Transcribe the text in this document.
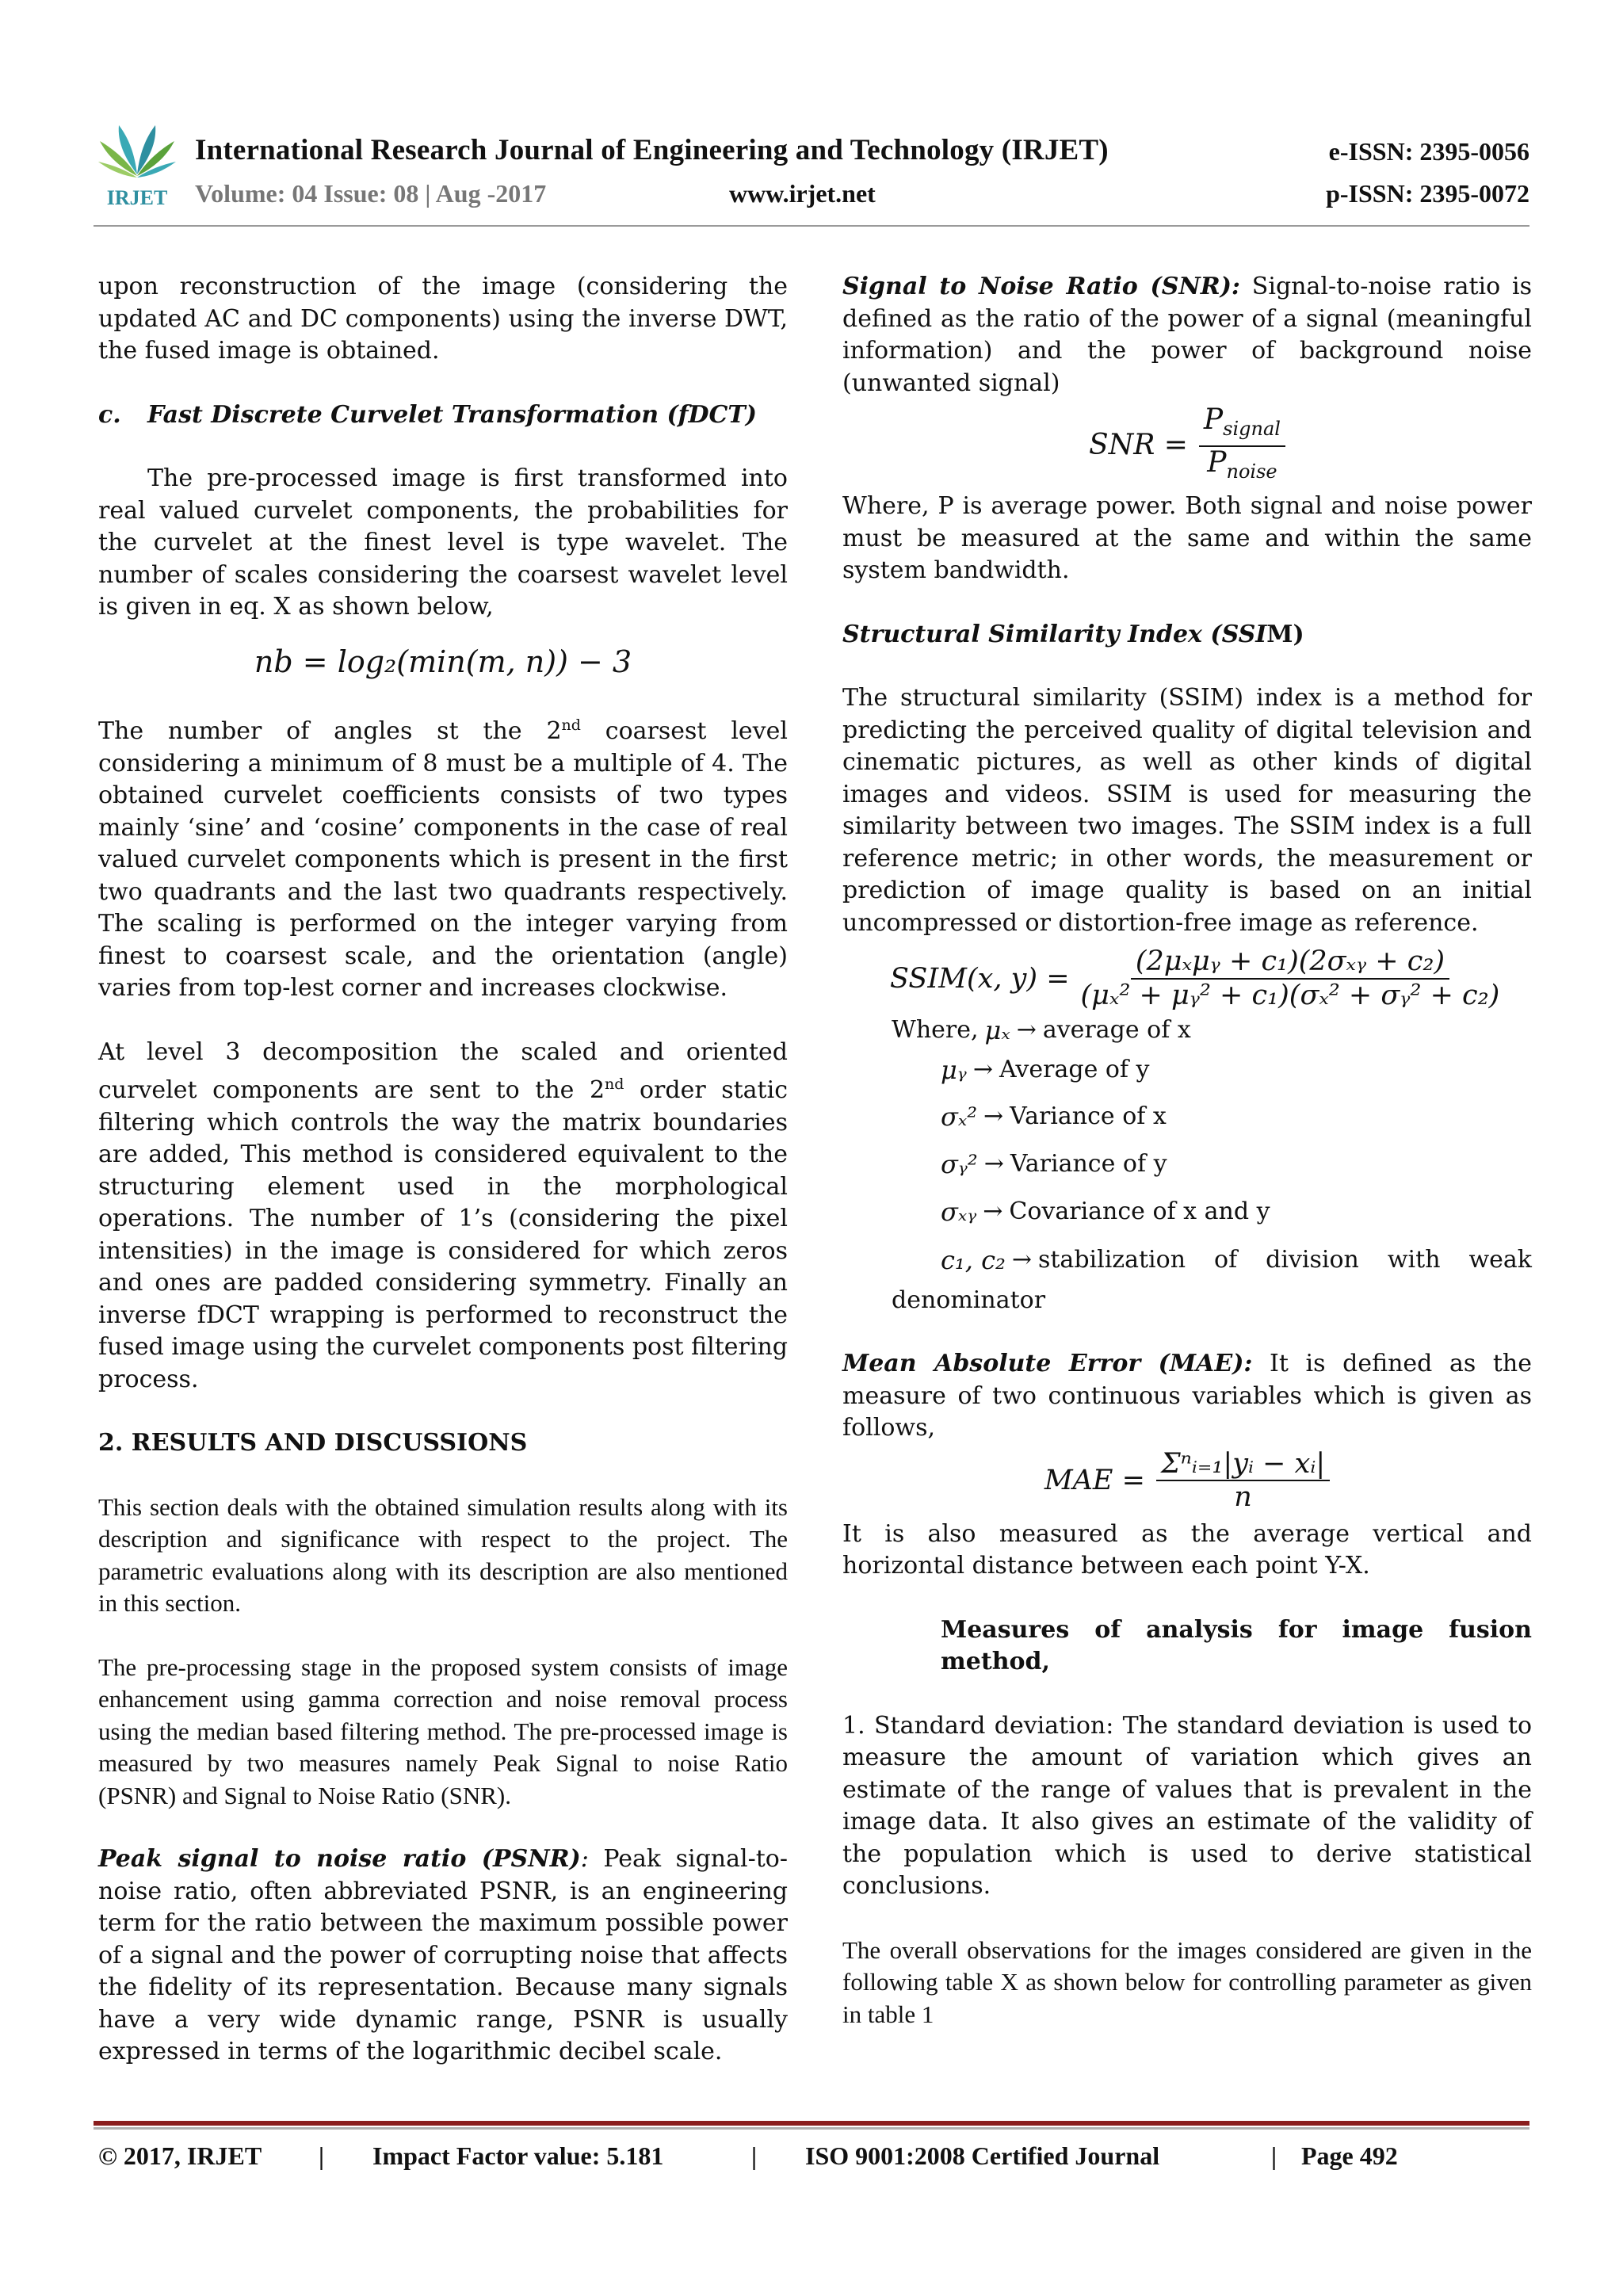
IRJET
International Research Journal of Engineering and Technology (IRJET)	e-ISSN: 2395-0056
Volume: 04 Issue: 08 | Aug -2017	www.irjet.net	p-ISSN: 2395-0072

upon reconstruction of the image (considering the updated AC and DC components) using the inverse DWT, the fused image is obtained.

c. Fast Discrete Curvelet Transformation (fDCT)

The pre-processed image is first transformed into real valued curvelet components, the probabilities for the curvelet at the finest level is type wavelet. The number of scales considering the coarsest wavelet level is given in eq. X as shown below,

nb = log₂(min(m, n)) − 3

The number of angles st the 2nd coarsest level considering a minimum of 8 must be a multiple of 4. The obtained curvelet coefficients consists of two types mainly ‘sine’ and ‘cosine’ components in the case of real valued curvelet components which is present in the first two quadrants and the last two quadrants respectively. The scaling is performed on the integer varying from finest to coarsest scale, and the orientation (angle) varies from top-lest corner and increases clockwise.

At level 3 decomposition the scaled and oriented curvelet components are sent to the 2nd order static filtering which controls the way the matrix boundaries are added, This method is considered equivalent to the structuring element used in the morphological operations. The number of 1’s (considering the pixel intensities) in the image is considered for which zeros and ones are padded considering symmetry. Finally an inverse fDCT wrapping is performed to reconstruct the fused image using the curvelet components post filtering process.

2. RESULTS AND DISCUSSIONS

This section deals with the obtained simulation results along with its description and significance with respect to the project. The parametric evaluations along with its description are also mentioned in this section.

The pre-processing stage in the proposed system consists of image enhancement using gamma correction and noise removal process using the median based filtering method. The pre-processed image is measured by two measures namely Peak Signal to noise Ratio (PSNR) and Signal to Noise Ratio (SNR).

Peak signal to noise ratio (PSNR): Peak signal-to-noise ratio, often abbreviated PSNR, is an engineering term for the ratio between the maximum possible power of a signal and the power of corrupting noise that affects the fidelity of its representation. Because many signals have a very wide dynamic range, PSNR is usually expressed in terms of the logarithmic decibel scale.

Signal to Noise Ratio (SNR): Signal-to-noise ratio is defined as the ratio of the power of a signal (meaningful information) and the power of background noise (unwanted signal)

SNR =
$P_{signal}$
$P_{noise}$

Where, P is average power. Both signal and noise power must be measured at the same and within the same system bandwidth.

Structural Similarity Index (SSIM)

The structural similarity (SSIM) index is a method for predicting the perceived quality of digital television and cinematic pictures, as well as other kinds of digital images and videos. SSIM is used for measuring the similarity between two images. The SSIM index is a full reference metric; in other words, the measurement or prediction of image quality is based on an initial uncompressed or distortion-free image as reference.

SSIM(x, y) =
(2μₓμᵧ + c₁)(2σₓᵧ + c₂)
(μₓ² + μᵧ² + c₁)(σₓ² + σᵧ² + c₂)
Where, μₓ → average of x
μᵧ → Average of y
σₓ² → Variance of x
σᵧ² → Variance of y
σₓᵧ → Covariance of x and y
c₁, c₂ → stabilization of division with weak
denominator

Mean Absolute Error (MAE): It is defined as the measure of two continuous variables which is given as follows,

MAE =
Σⁿᵢ₌₁|yᵢ − xᵢ|
n

It is also measured as the average vertical and horizontal distance between each point Y-X.

Measures of analysis for image fusion method,

1. Standard deviation: The standard deviation is used to measure the amount of variation which gives an estimate of the range of values that is prevalent in the image data. It also gives an estimate of the validity of the population which is used to derive statistical conclusions.

The overall observations for the images considered are given in the following table X as shown below for controlling parameter as given in table 1

© 2017, IRJET | Impact Factor value: 5.181	| ISO 9001:2008 Certified Journal	| Page 492
